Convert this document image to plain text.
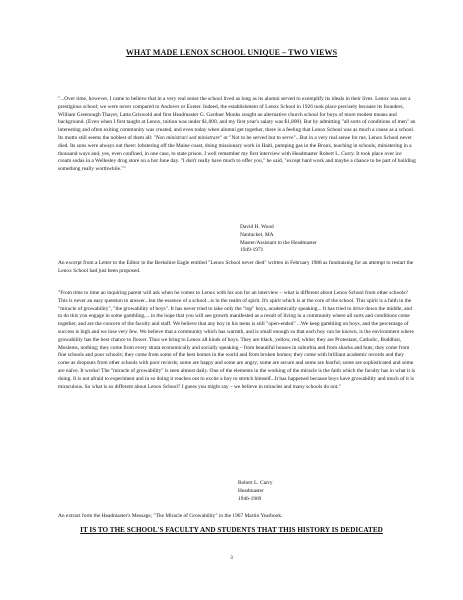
WHAT MADE LENOX SCHOOL UNIQUE – TWO VIEWS
"...Over time, however, I came to believe that in a very real sense the school lived as long as its alumni served to exemplify its ideals in their lives. Lenox was not a prestigious school; we were never compared to Andover or Exeter. Indeed, the establishment of Lenox School in 1926 took place precisely because its founders, William Greenough Thayer, Latta Griswold and first Headmaster G. Gardner Monks sought an alternative church school for boys of more modest means and background. (Even when I first taught at Lenox, tuition was under $1,000, and my first year's salary was $1,800). But by admitting "all sorts of conditions of men" an interesting and often exiting community was created, and even today when alumni get together, there is a feeling that Lenox School was as much a cause as a school. Its motto still seems the noblest of them all: "Non ministrari sed ministrare" or "Not to be served but to serve"...But in a very real sense for me, Lenox School never died. Its sons were always out there: lobstering off the Maine coast, doing missionary work in Haiti, pumping gas in the Bronx, teaching in schools, ministering in a thousand ways and, yes, even confined, in one case, to state prison. I well remember my first interview with Headmaster Robert L. Curry. It took place over ice cream sodas in a Wellesley drug store on a hot June day. "I don't really have much to offer you," he said, "except hard work and maybe a chance to be part of building something really worthwhile.""

David H. Wood

Nantucket, MA

Master/Assistant to the Headmaster

1949-1971

An excerpt from a Letter to the Editor in the Berkshire Eagle entitled "Lenox School never died" written in February 1988 as fundraising for an attempt to restart the Lenox School had just been proposed.
"From time to time an inquiring parent will ask when he comes to Lenox with his son for an interview – what is different about Lenox School from other schools? This is never an easy question to answer...but the essence of a school...is in the realm of spirit. It's spirit which is at the core of the school. This spirit is a faith in the "miracle of growability", "the growability of boys". It has never tried to take only the "top" boys, academically speaking... It has tried to drive down the middle, and to do this you engage in some gambling,... in the hope that you will see growth manifested as a result of living in a community where all sorts and conditions come together, and are the concern of the faculty and staff. We believe that any boy in his teens is still "open-ended" ...We keep gambling on boys, and the percentage of success is high and we lose very few. We believe that a community which has warmth, and is small enough so that each boy can be known, is the environment where growability has the best chance to flower. Thus we bring to Lenox all kinds of boys. They are black, yellow, red, white; they are Protestant, Catholic, Buddhist, Moslems, nothing; they come from every strata economically and socially speaking – from beautiful houses in suburbia and from shacks and huts; they come from fine schools and poor schools; they come from some of the best homes in the world and from broken homes; they come with brilliant academic records and they come as dropouts from other schools with poor records; some are happy and some are angry; some are secure and some are fearful; some are sophisticated and some are naïve. It works! The "miracle of growability" is seen almost daily. One of the elements in the working of the miracle is the faith which the faculty has in what it is doing. It is not afraid to experiment and in so doing it reaches out to excite a boy to stretch himself...It has happened because boys have growability and much of it is miraculous. So what is so different about Lenox School? I guess you might say – we believe in miracles and many schools do not."

Robert L. Curry

Headmaster

1946-1969

An extract form the Headmaster's Message, "The Miracle of Growability" in the 1967 Martin Yearbook.
IT IS TO THE SCHOOL'S FACULTY AND STUDENTS THAT THIS HISTORY IS DEDICATED
3
